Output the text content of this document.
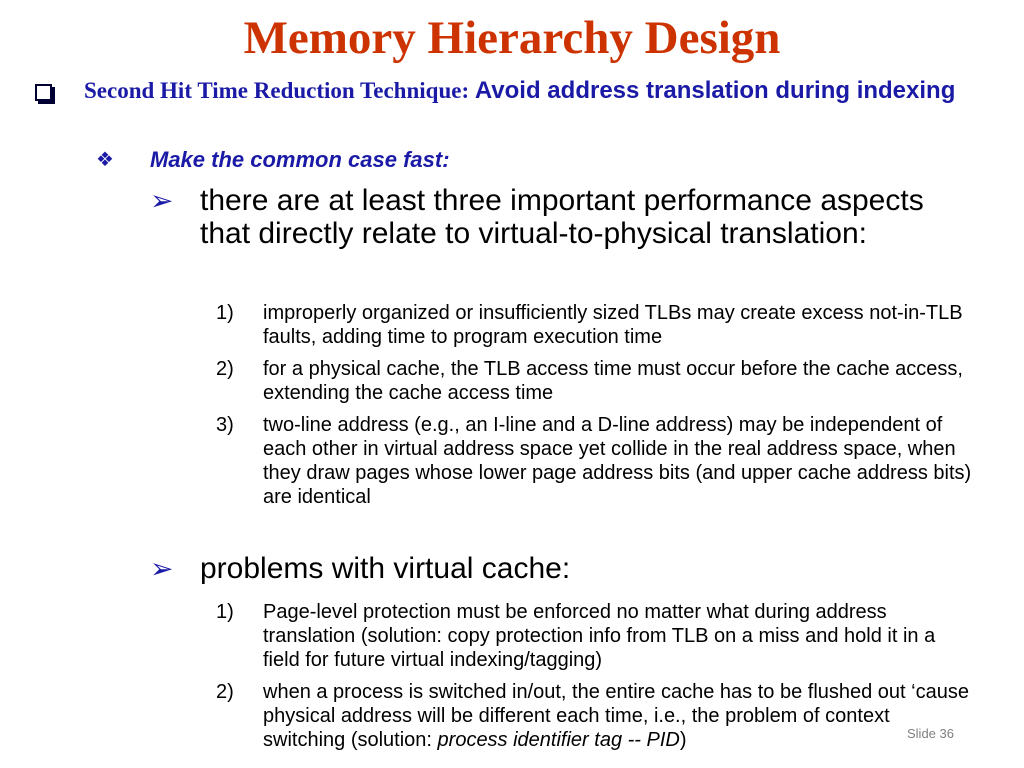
Memory Hierarchy Design
Second Hit Time Reduction Technique: Avoid address translation during indexing
❖ Make the common case fast:
➢ there are at least three important performance aspects that directly relate to virtual-to-physical translation:
1)	improperly organized or insufficiently sized TLBs may create excess not-in-TLB faults, adding time to program execution time
2)	for a physical cache, the TLB access time must occur before the cache access, extending the cache access time
3)	two-line address (e.g., an I-line and a D-line address) may be independent of each other in virtual address space yet collide in the real address space, when they draw pages whose lower page address bits (and upper cache address bits) are identical
➢ problems with virtual cache:
1)	Page-level protection must be enforced no matter what during address translation (solution: copy protection info from TLB on a miss and hold it in a field for future virtual indexing/tagging)
2)	when a process is switched in/out, the entire cache has to be flushed out ‘cause physical address will be different each time, i.e., the problem of context switching (solution: process identifier tag -- PID)	Slide 36
